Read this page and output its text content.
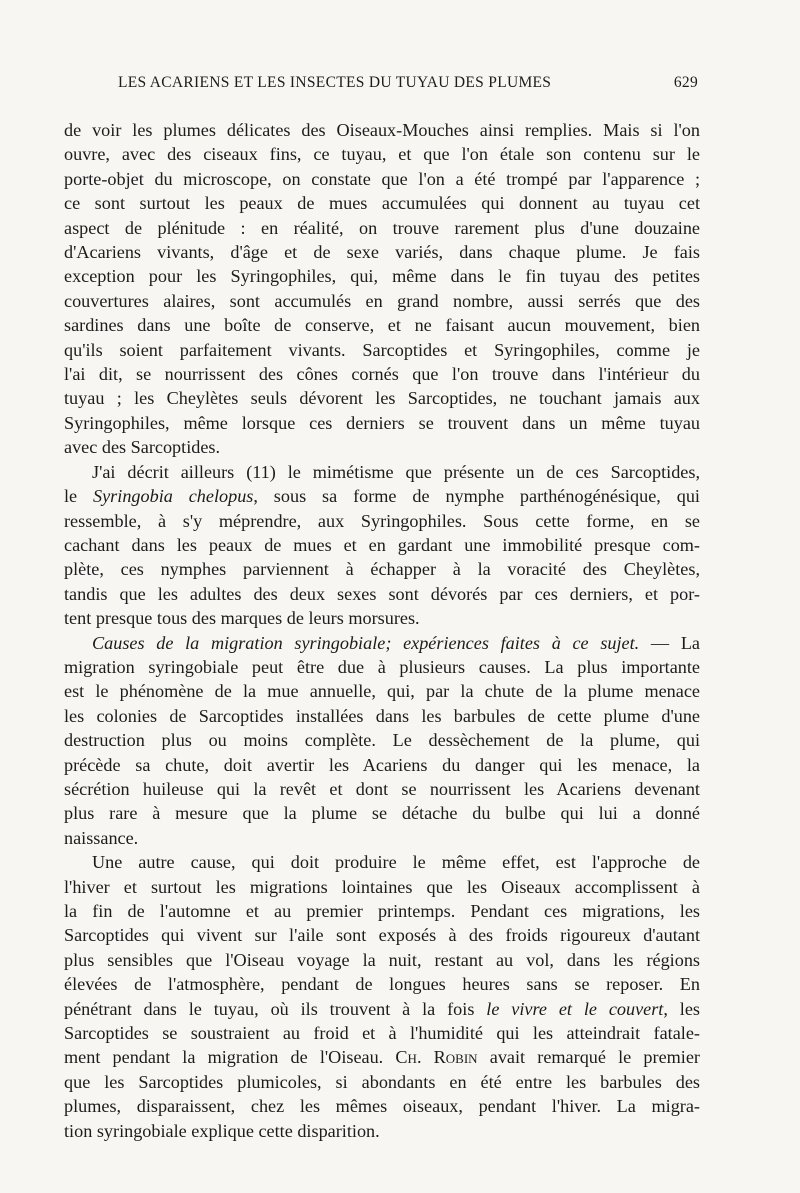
LES ACARIENS ET LES INSECTES DU TUYAU DES PLUMES	629
de voir les plumes délicates des Oiseaux-Mouches ainsi remplies. Mais si l'on
ouvre, avec des ciseaux fins, ce tuyau, et que l'on étale son contenu sur le
porte-objet du microscope, on constate que l'on a été trompé par l'apparence ;
ce sont surtout les peaux de mues accumulées qui donnent au tuyau cet
aspect de plénitude : en réalité, on trouve rarement plus d'une douzaine
d'Acariens vivants, d'âge et de sexe variés, dans chaque plume. Je fais
exception pour les Syringophiles, qui, même dans le fin tuyau des petites
couvertures alaires, sont accumulés en grand nombre, aussi serrés que des
sardines dans une boîte de conserve, et ne faisant aucun mouvement, bien
qu'ils soient parfaitement vivants. Sarcoptides et Syringophiles, comme je
l'ai dit, se nourrissent des cônes cornés que l'on trouve dans l'intérieur du
tuyau ; les Cheylètes seuls dévorent les Sarcoptides, ne touchant jamais aux
Syringophiles, même lorsque ces derniers se trouvent dans un même tuyau
avec des Sarcoptides.
J'ai décrit ailleurs (11) le mimétisme que présente un de ces Sarcoptides,
le Syringobia chelopus, sous sa forme de nymphe parthénogénésique, qui
ressemble, à s'y méprendre, aux Syringophiles. Sous cette forme, en se
cachant dans les peaux de mues et en gardant une immobilité presque com-
plète, ces nymphes parviennent à échapper à la voracité des Cheylètes,
tandis que les adultes des deux sexes sont dévorés par ces derniers, et por-
tent presque tous des marques de leurs morsures.
Causes de la migration syringobiale; expériences faites à ce sujet. — La
migration syringobiale peut être due à plusieurs causes. La plus importante
est le phénomène de la mue annuelle, qui, par la chute de la plume menace
les colonies de Sarcoptides installées dans les barbules de cette plume d'une
destruction plus ou moins complète. Le dessèchement de la plume, qui
précède sa chute, doit avertir les Acariens du danger qui les menace, la
sécrétion huileuse qui la revêt et dont se nourrissent les Acariens devenant
plus rare à mesure que la plume se détache du bulbe qui lui a donné
naissance.
Une autre cause, qui doit produire le même effet, est l'approche de
l'hiver et surtout les migrations lointaines que les Oiseaux accomplissent à
la fin de l'automne et au premier printemps. Pendant ces migrations, les
Sarcoptides qui vivent sur l'aile sont exposés à des froids rigoureux d'autant
plus sensibles que l'Oiseau voyage la nuit, restant au vol, dans les régions
élevées de l'atmosphère, pendant de longues heures sans se reposer. En
pénétrant dans le tuyau, où ils trouvent à la fois le vivre et le couvert, les
Sarcoptides se soustraient au froid et à l'humidité qui les atteindrait fatale-
ment pendant la migration de l'Oiseau. Ch. Robin avait remarqué le premier
que les Sarcoptides plumicoles, si abondants en été entre les barbules des
plumes, disparaissent, chez les mêmes oiseaux, pendant l'hiver. La migra-
tion syringobiale explique cette disparition.
